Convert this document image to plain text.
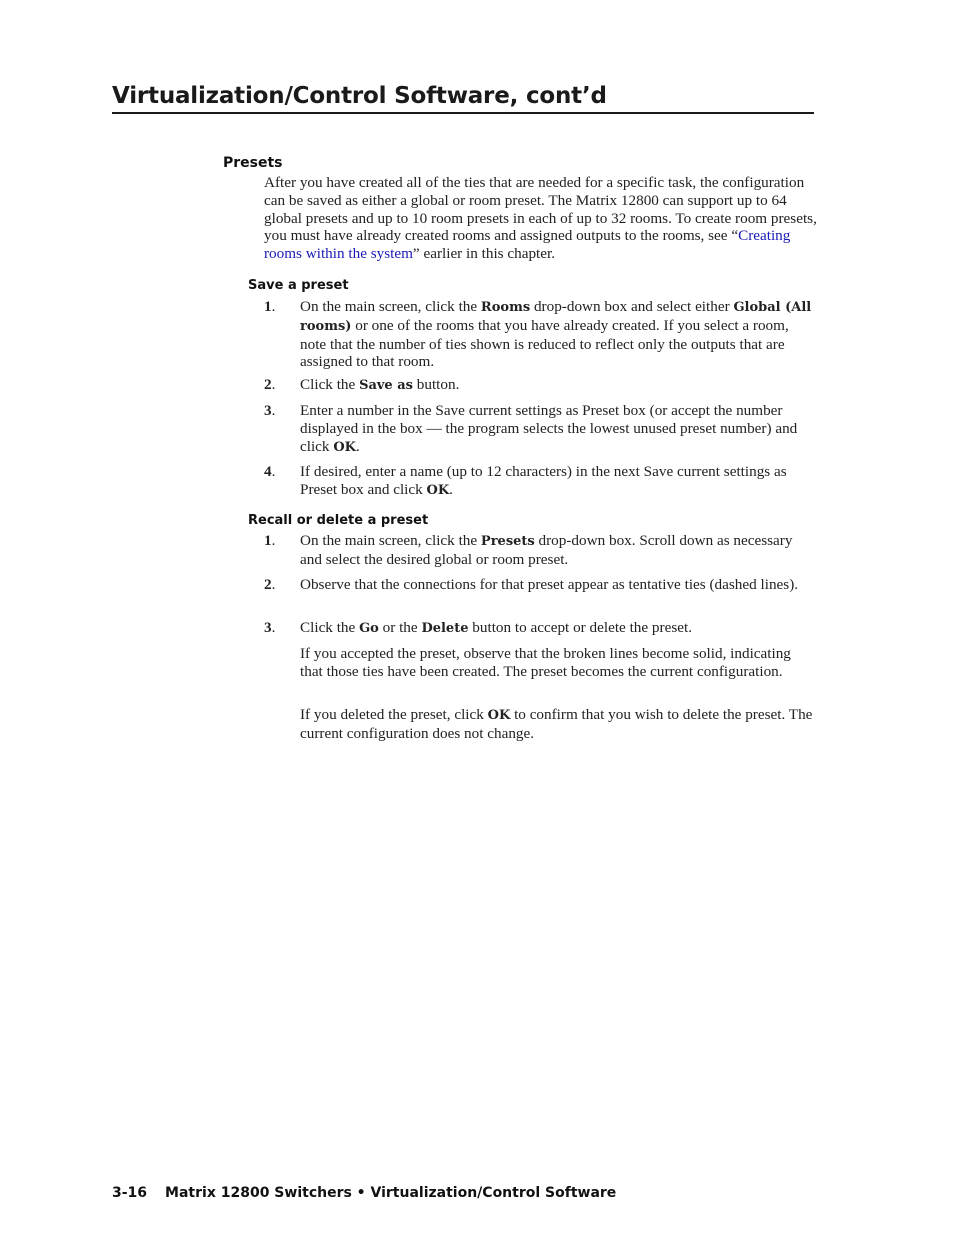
Virtualization/Control Software, cont’d
Presets

After you have created all of the ties that are needed for a specific task, the configuration can be saved as either a global or room preset. The Matrix 12800 can support up to 64 global presets and up to 10 room presets in each of up to 32 rooms. To create room presets, you must have already created rooms and assigned outputs to the rooms, see “Creating rooms within the system” earlier in this chapter.

Save a preset
1. On the main screen, click the Rooms drop-down box and select either Global (All rooms) or one of the rooms that you have already created. If you select a room, note that the number of ties shown is reduced to reflect only the outputs that are assigned to that room.
2. Click the Save as button.
3. Enter a number in the Save current settings as Preset box (or accept the number displayed in the box — the program selects the lowest unused preset number) and click OK.
4. If desired, enter a name (up to 12 characters) in the next Save current settings as Preset box and click OK.
Recall or delete a preset
1. On the main screen, click the Presets drop-down box. Scroll down as necessary and select the desired global or room preset.
2. Observe that the connections for that preset appear as tentative ties (dashed lines).
3. Click the Go or the Delete button to accept or delete the preset.

If you accepted the preset, observe that the broken lines become solid, indicating that those ties have been created. The preset becomes the current configuration.

If you deleted the preset, click OK to confirm that you wish to delete the preset. The current configuration does not change.

3-16 Matrix 12800 Switchers • Virtualization/Control Software
